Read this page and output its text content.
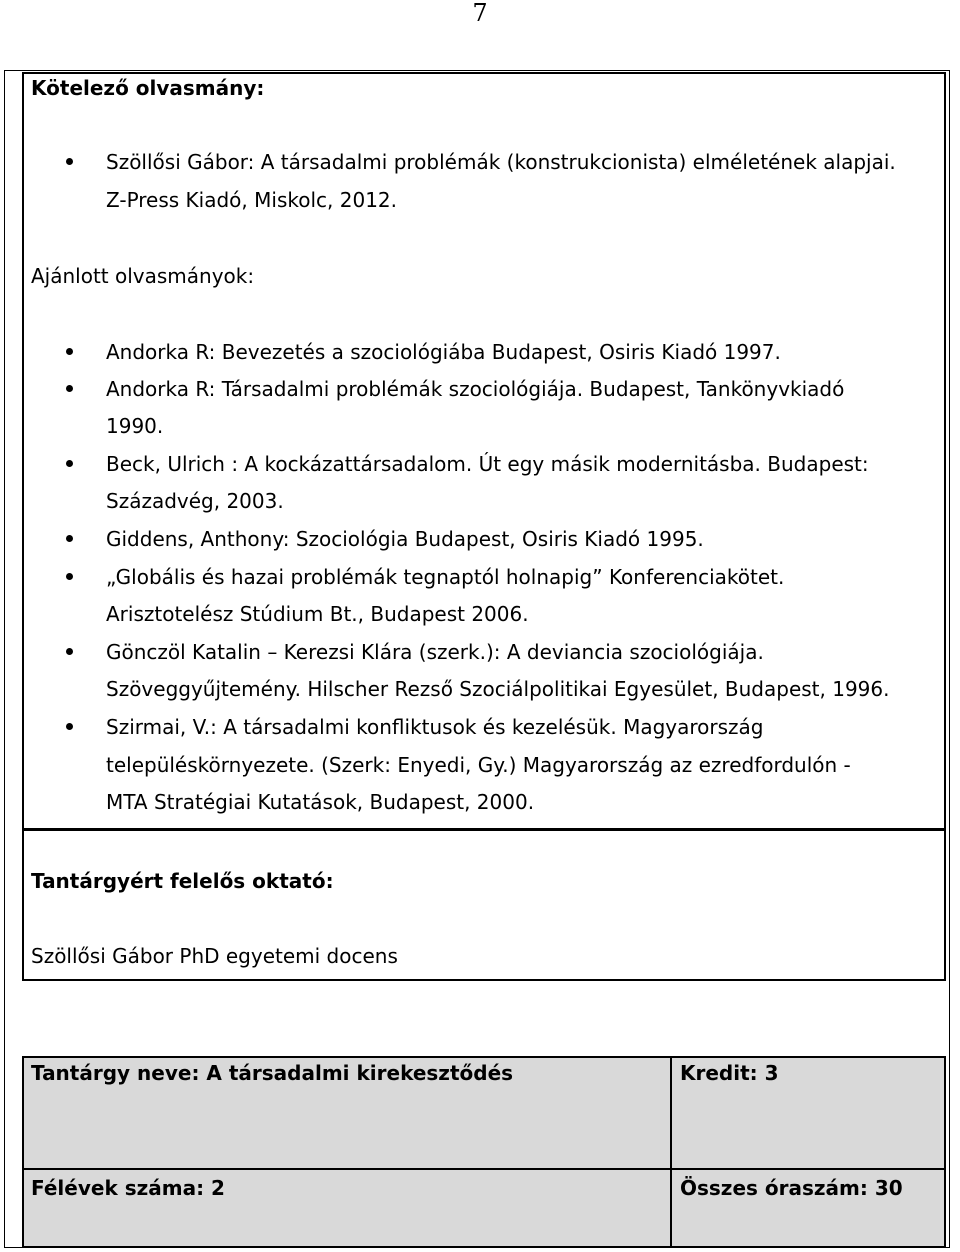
7
Kötelező olvasmány:
Szöllősi Gábor: A társadalmi problémák (konstrukcionista) elméletének alapjai.
Z-Press Kiadó, Miskolc, 2012.
Ajánlott olvasmányok:
Andorka R: Bevezetés a szociológiába Budapest, Osiris Kiadó 1997.
Andorka R: Társadalmi problémák szociológiája. Budapest, Tankönyvkiadó
1990.
Beck, Ulrich : A kockázattársadalom. Út egy másik modernitásba. Budapest:
Századvég, 2003.
Giddens, Anthony: Szociológia Budapest, Osiris Kiadó 1995.
„Globális és hazai problémák tegnaptól holnapig” Konferenciakötet.
Arisztotelész Stúdium Bt., Budapest 2006.
Gönczöl Katalin – Kerezsi Klára (szerk.): A deviancia szociológiája.
Szöveggyűjtemény. Hilscher Rezső Szociálpolitikai Egyesület, Budapest, 1996.
Szirmai, V.: A társadalmi konfliktusok és kezelésük. Magyarország
településkörnyezete. (Szerk: Enyedi, Gy.) Magyarország az ezredfordulón -
MTA Stratégiai Kutatások, Budapest, 2000.
Tantárgyért felelős oktató:
Szöllősi Gábor PhD egyetemi docens
Tantárgy neve: A társadalmi kirekesztődés	Kredit: 3
Félévek száma: 2	Összes óraszám: 30
